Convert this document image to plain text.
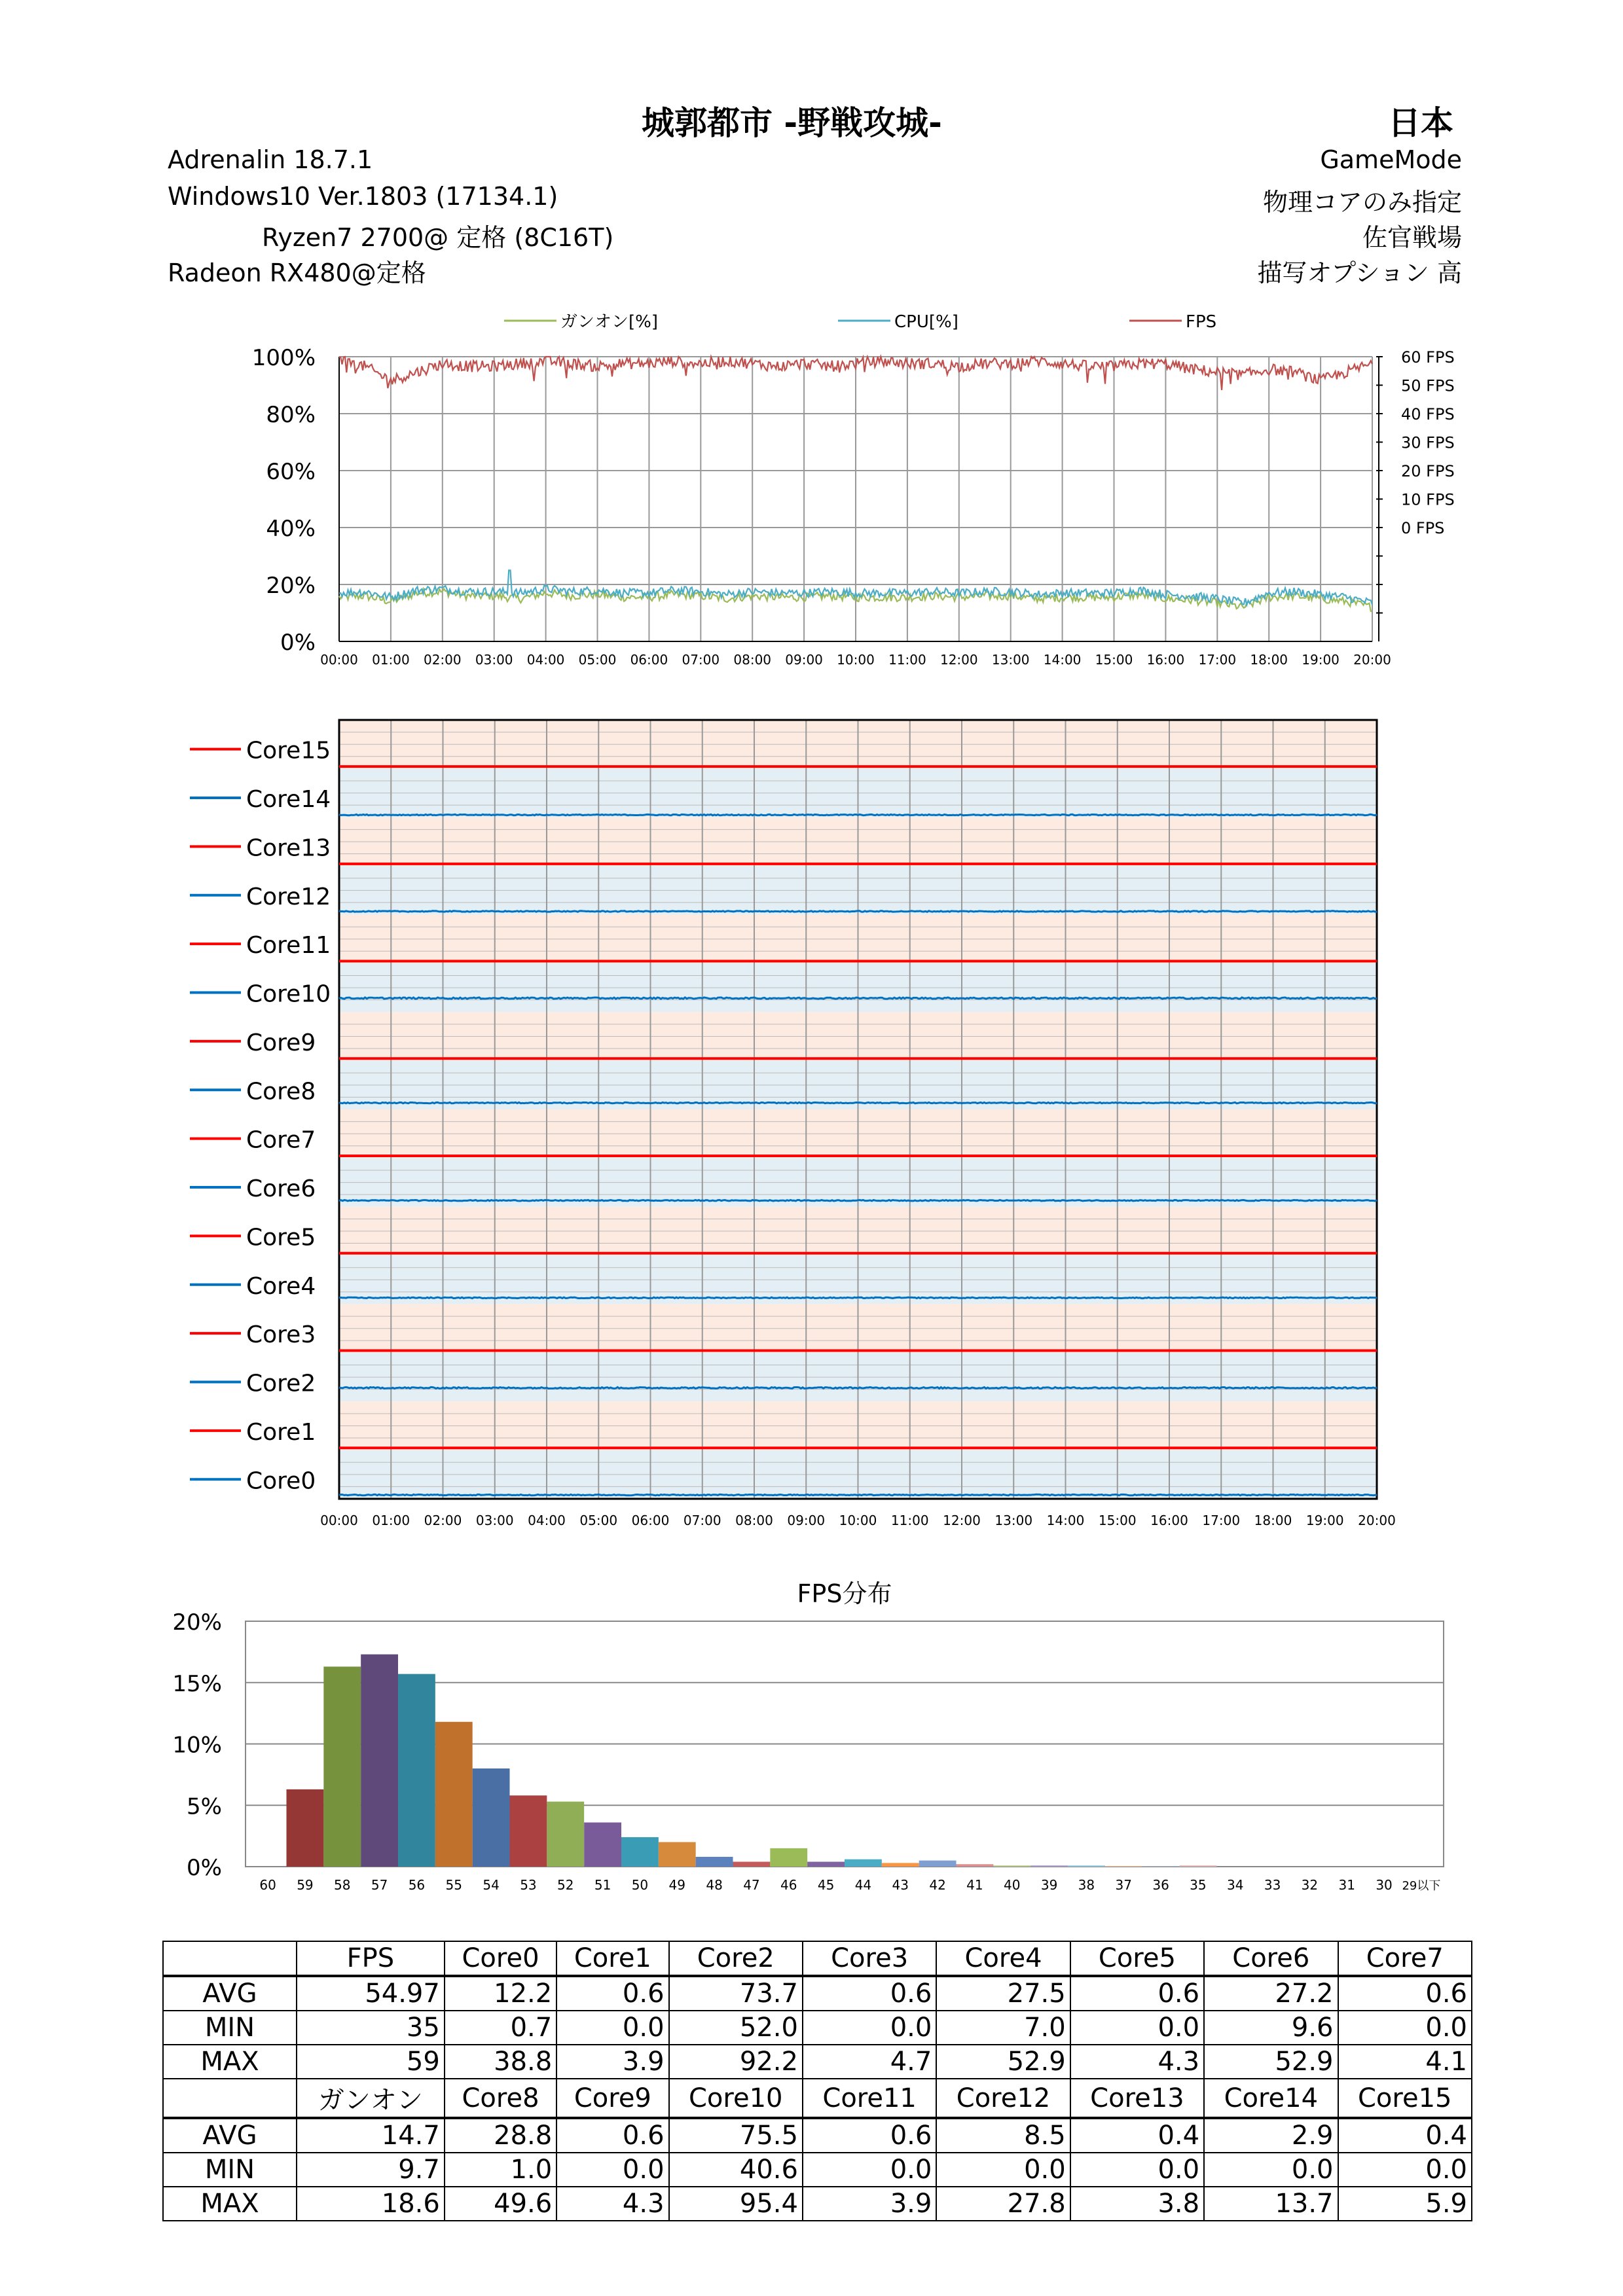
城郭都市 -野戦攻城-	日本
Adrenalin 18.7.1
Windows10 Ver.1803 (17134.1)
Ryzen7 2700@ 定格 (8C16T)
Radeon RX480@定格
GameMode
物理コアのみ指定
佐官戦場
描写オプション 高
ガンオン[%]	CPU[%]	FPS
100%
80%
60%
40%
20%
0%
00:00 01:00 02:00 03:00 04:00 05:00 06:00 07:00 08:00 09:00 10:00 11:00 12:00 13:00 14:00 15:00 16:00 17:00 18:00 19:00 20:00
60 FPS
50 FPS
40 FPS
30 FPS
20 FPS
10 FPS
0 FPS
00:00 01:00 02:00 03:00 04:00 05:00 06:00 07:00 08:00 09:00 10:00 11:00 12:00 13:00 14:00 15:00 16:00 17:00 18:00 19:00 20:00
Core15
Core14
Core13
Core12
Core11
Core10
Core9
Core8
Core7
Core6
Core5
Core4
Core3
Core2
Core1
Core0
FPS分布
20%
15%
10%
5%
0%
60 59 58 57 56 55 54 53 52 51 50 49 48 47 46 45 44 43 42 41 40 39 38 37 36 35 34 33 32 31 30 29以下
	FPS	Core0	Core1	Core2	Core3	Core4	Core5	Core6	Core7
AVG	54.97	12.2	0.6	73.7	0.6	27.5	0.6	27.2	0.6
MIN	35	0.7	0.0	52.0	0.0	7.0	0.0	9.6	0.0
MAX	59	38.8	3.9	92.2	4.7	52.9	4.3	52.9	4.1
	ガンオン	Core8	Core9	Core10	Core11	Core12	Core13	Core14	Core15
AVG	14.7	28.8	0.6	75.5	0.6	8.5	0.4	2.9	0.4
MIN	9.7	1.0	0.0	40.6	0.0	0.0	0.0	0.0	0.0
MAX	18.6	49.6	4.3	95.4	3.9	27.8	3.8	13.7	5.9
